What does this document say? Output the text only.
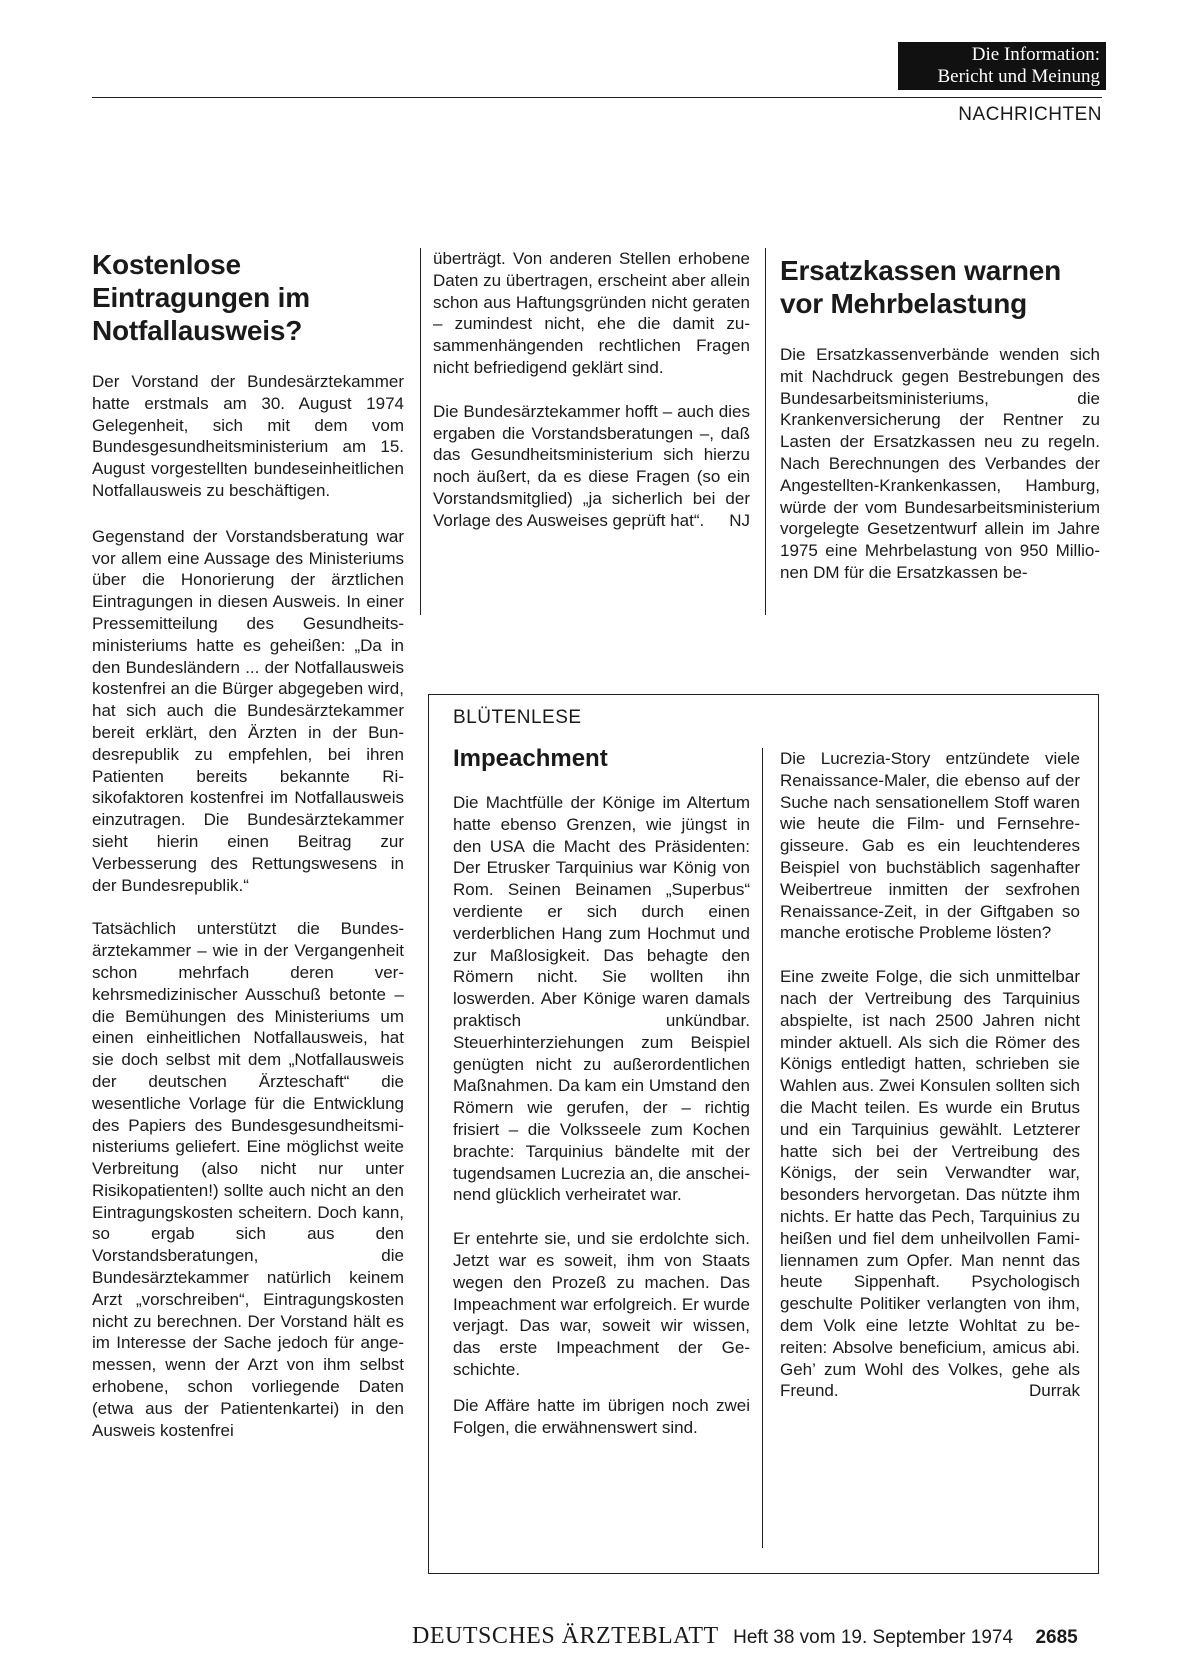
Die Information:
Bericht und Meinung
NACHRICHTEN
Kostenlose
Eintragungen im
Notfallausweis?

Der Vorstand der Bundesärztekammer hatte erstmals am 30. August 1974 Gelegenheit, sich mit dem vom Bundesgesundheitsministerium am 15. August vorgestellten bundeseinheitlichen Notfallausweis zu beschäftigen.

Gegenstand der Vorstandsberatung war vor allem eine Aussage des Ministeriums über die Honorierung der ärztlichen Eintragungen in diesen Ausweis. In einer Pressemitteilung des Gesundheitsministeriums hatte es geheißen: „Da in den Bundesländern ... der Notfallausweis kostenfrei an die Bürger abgegeben wird, hat sich auch die Bundesärztekammer bereit erklärt, den Ärzten in der Bundesrepublik zu empfehlen, bei ihren Patienten bereits bekannte Risikofaktoren kostenfrei im Notfallausweis einzutragen. Die Bundesärztekammer sieht hierin einen Beitrag zur Verbesserung des Rettungswesens in der Bundesrepublik.“

Tatsächlich unterstützt die Bundesärztekammer – wie in der Vergangenheit schon mehrfach deren verkehrsmedizinischer Ausschuß betonte – die Bemühungen des Ministeriums um einen einheitlichen Notfallausweis, hat sie doch selbst mit dem „Notfallausweis der deutschen Ärzteschaft“ die wesentliche Vorlage für die Entwicklung des Papiers des Bundesgesundheitsministeriums geliefert. Eine möglichst weite Verbreitung (also nicht nur unter Risikopatienten!) sollte auch nicht an den Eintragungskosten scheitern. Doch kann, so ergab sich aus den Vorstandsberatungen, die Bundesärztekammer natürlich keinem Arzt „vorschreiben“, Eintragungskosten nicht zu berechnen. Der Vorstand hält es im Interesse der Sache jedoch für angemessen, wenn der Arzt von ihm selbst erhobene, schon vorliegende Daten (etwa aus der Patientenkartei) in den Ausweis kostenfrei

überträgt. Von anderen Stellen erhobene Daten zu übertragen, erscheint aber allein schon aus Haftungsgründen nicht geraten – zumindest nicht, ehe die damit zusammenhängenden rechtlichen Fragen nicht befriedigend geklärt sind.

Die Bundesärztekammer hofft – auch dies ergaben die Vorstandsberatungen –, daß das Gesundheitsministerium sich hierzu noch äußert, da es diese Fragen (so ein Vorstandsmitglied) „ja sicherlich bei der Vorlage des Ausweises geprüft hat“. NJ

Ersatzkassen warnen
vor Mehrbelastung

Die Ersatzkassenverbände wenden sich mit Nachdruck gegen Bestrebungen des Bundesarbeitsministeriums, die Krankenversicherung der Rentner zu Lasten der Ersatzkassen neu zu regeln. Nach Berechnungen des Verbandes der Angestellten-Krankenkassen, Hamburg, würde der vom Bundesarbeitsministerium vorgelegte Gesetzentwurf allein im Jahre 1975 eine Mehrbelastung von 950 Millionen DM für die Ersatzkassen be-

BLÜTENLESE
Impeachment

Die Machtfülle der Könige im Altertum hatte ebenso Grenzen, wie jüngst in den USA die Macht des Präsidenten: Der Etrusker Tarquinius war König von Rom. Seinen Beinamen „Superbus“ verdiente er sich durch einen verderblichen Hang zum Hochmut und zur Maßlosigkeit. Das behagte den Römern nicht. Sie wollten ihn loswerden. Aber Könige waren damals praktisch unkündbar. Steuerhinterziehungen zum Beispiel genügten nicht zu außerordentlichen Maßnahmen. Da kam ein Umstand den Römern wie gerufen, der – richtig frisiert – die Volksseele zum Kochen brachte: Tarquinius bändelte mit der tugendsamen Lucrezia an, die anscheinend glücklich verheiratet war.

Er entehrte sie, und sie erdolchte sich. Jetzt war es soweit, ihm von Staats wegen den Prozeß zu machen. Das Impeachment war erfolgreich. Er wurde verjagt. Das war, soweit wir wissen, das erste Impeachment der Geschichte.

Die Affäre hatte im übrigen noch zwei Folgen, die erwähnenswert sind.

Die Lucrezia-Story entzündete viele Renaissance-Maler, die ebenso auf der Suche nach sensationellem Stoff waren wie heute die Film- und Fernsehregisseure. Gab es ein leuchtenderes Beispiel von buchstäblich sagenhafter Weibertreue inmitten der sexfrohen Renaissance-Zeit, in der Giftgaben so manche erotische Probleme lösten?

Eine zweite Folge, die sich unmittelbar nach der Vertreibung des Tarquinius abspielte, ist nach 2500 Jahren nicht minder aktuell. Als sich die Römer des Königs entledigt hatten, schrieben sie Wahlen aus. Zwei Konsulen sollten sich die Macht teilen. Es wurde ein Brutus und ein Tarquinius gewählt. Letzterer hatte sich bei der Vertreibung des Königs, der sein Verwandter war, besonders hervorgetan. Das nützte ihm nichts. Er hatte das Pech, Tarquinius zu heißen und fiel dem unheilvollen Familiennamen zum Opfer. Man nennt das heute Sippenhaft. Psychologisch geschulte Politiker verlangten von ihm, dem Volk eine letzte Wohltat zu bereiten: Absolve beneficium, amicus abi. Geh’ zum Wohl des Volkes, gehe als Freund.	Durrak

DEUTSCHES ÄRZTEBLATT Heft 38 vom 19. September 1974 2685
